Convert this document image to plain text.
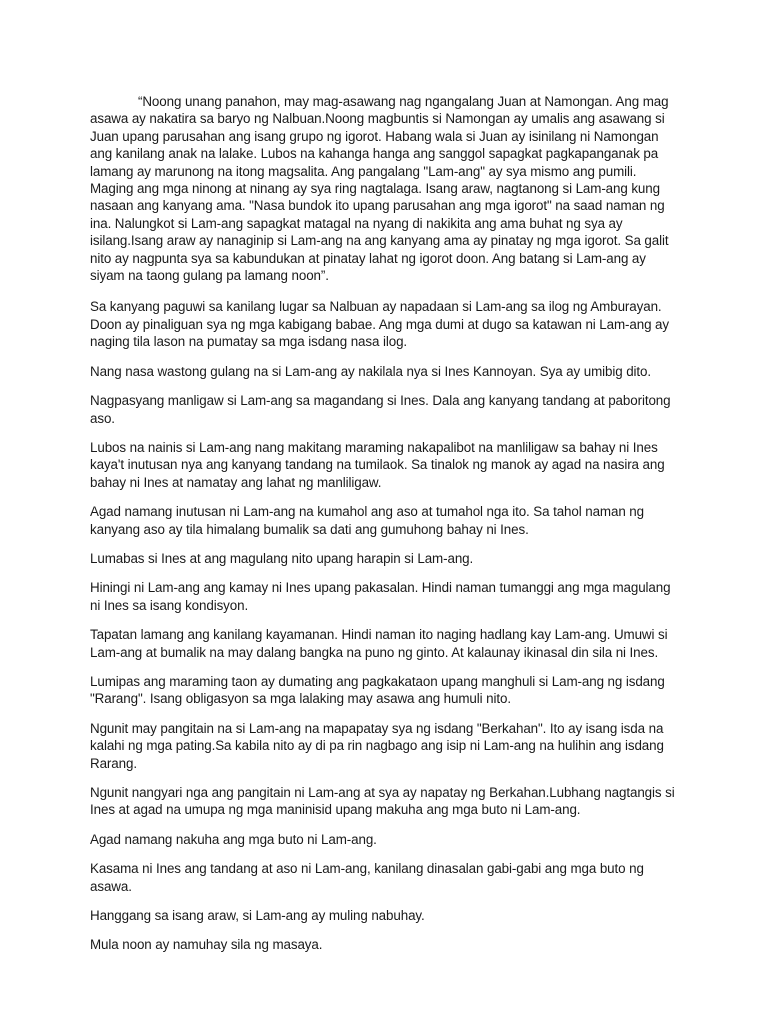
“Noong unang panahon, may mag-asawang nag ngangalang Juan at Namongan. Ang mag asawa ay nakatira sa baryo ng Nalbuan.Noong magbuntis si Namongan ay umalis ang asawang si Juan upang parusahan ang isang grupo ng igorot. Habang wala si Juan ay isinilang ni Namongan ang kanilang anak na lalake. Lubos na kahanga hanga ang sanggol sapagkat pagkapanganak pa lamang ay marunong na itong magsalita. Ang pangalang "Lam-ang" ay sya mismo ang pumili. Maging ang mga ninong at ninang ay sya ring nagtalaga. Isang araw, nagtanong si Lam-ang kung nasaan ang kanyang ama. "Nasa bundok ito upang parusahan ang mga igorot" na saad naman ng ina. Nalungkot si Lam-ang sapagkat matagal na nyang di nakikita ang ama buhat ng sya ay isilang.Isang araw ay nanaginip si Lam-ang na ang kanyang ama ay pinatay ng mga igorot. Sa galit nito ay nagpunta sya sa kabundukan at pinatay lahat ng igorot doon. Ang batang si Lam-ang ay siyam na taong gulang pa lamang noon”.

Sa kanyang paguwi sa kanilang lugar sa Nalbuan ay napadaan si Lam-ang sa ilog ng Amburayan. Doon ay pinaliguan sya ng mga kabigang babae. Ang mga dumi at dugo sa katawan ni Lam-ang ay naging tila lason na pumatay sa mga isdang nasa ilog.

Nang nasa wastong gulang na si Lam-ang ay nakilala nya si Ines Kannoyan. Sya ay umibig dito.

Nagpasyang manligaw si Lam-ang sa magandang si Ines. Dala ang kanyang tandang at paboritong aso.

Lubos na nainis si Lam-ang nang makitang maraming nakapalibot na manliligaw sa bahay ni Ines kaya't inutusan nya ang kanyang tandang na tumilaok. Sa tinalok ng manok ay agad na nasira ang bahay ni Ines at namatay ang lahat ng manliligaw.

Agad namang inutusan ni Lam-ang na kumahol ang aso at tumahol nga ito. Sa tahol naman ng kanyang aso ay tila himalang bumalik sa dati ang gumuhong bahay ni Ines.

Lumabas si Ines at ang magulang nito upang harapin si Lam-ang.

Hiningi ni Lam-ang ang kamay ni Ines upang pakasalan. Hindi naman tumanggi ang mga magulang ni Ines sa isang kondisyon.

Tapatan lamang ang kanilang kayamanan. Hindi naman ito naging hadlang kay Lam-ang. Umuwi si Lam-ang at bumalik na may dalang bangka na puno ng ginto. At kalaunay ikinasal din sila ni Ines.

Lumipas ang maraming taon ay dumating ang pagkakataon upang manghuli si Lam-ang ng isdang "Rarang". Isang obligasyon sa mga lalaking may asawa ang humuli nito.

Ngunit may pangitain na si Lam-ang na mapapatay sya ng isdang "Berkahan". Ito ay isang isda na kalahi ng mga pating.Sa kabila nito ay di pa rin nagbago ang isip ni Lam-ang na hulihin ang isdang Rarang.

Ngunit nangyari nga ang pangitain ni Lam-ang at sya ay napatay ng Berkahan.Lubhang nagtangis si Ines at agad na umupa ng mga maninisid upang makuha ang mga buto ni Lam-ang.

Agad namang nakuha ang mga buto ni Lam-ang.

Kasama ni Ines ang tandang at aso ni Lam-ang, kanilang dinasalan gabi-gabi ang mga buto ng asawa.

Hanggang sa isang araw, si Lam-ang ay muling nabuhay.

Mula noon ay namuhay sila ng masaya.
